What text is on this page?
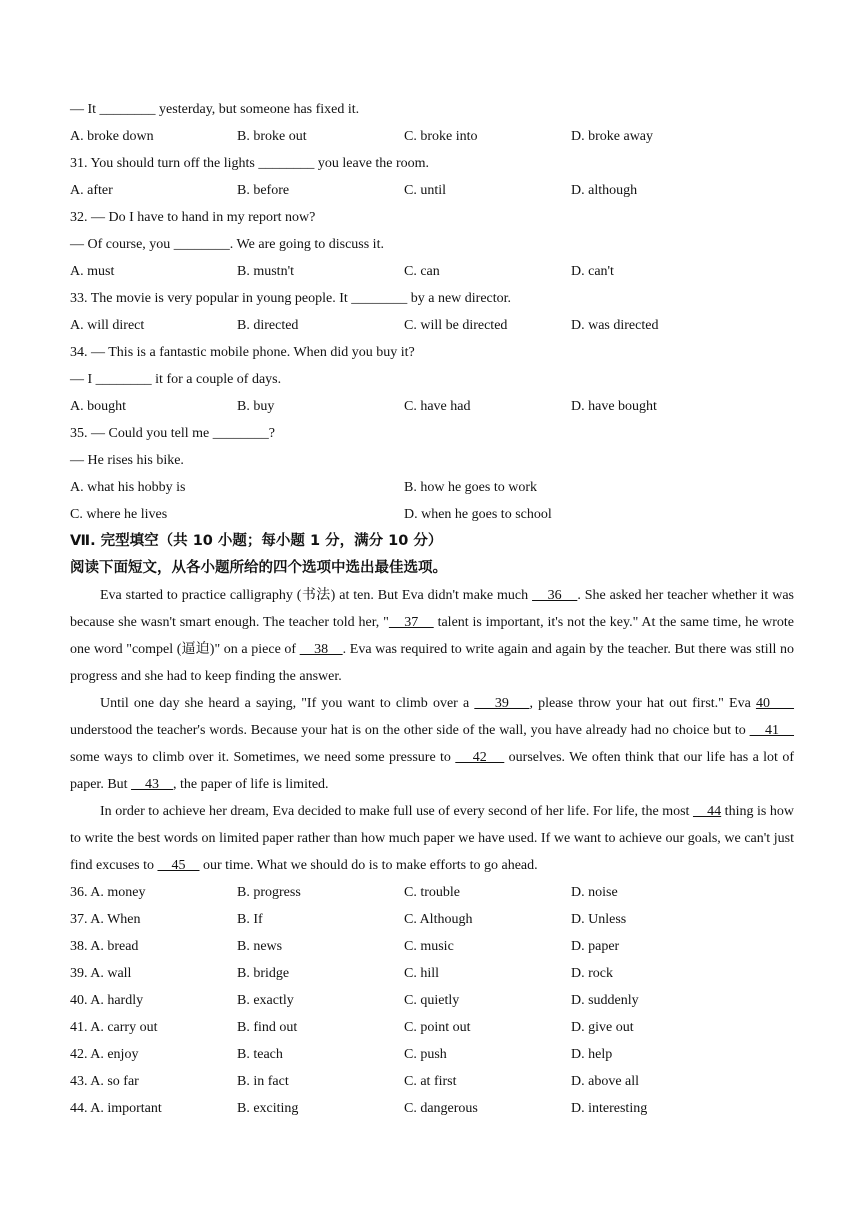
— It ________ yesterday, but someone has fixed it.
A. broke down	B. broke out	C. broke into	D. broke away
31. You should turn off the lights ________ you leave the room.
A. after	B. before	C. until	D. although
32. — Do I have to hand in my report now?
— Of course, you ________. We are going to discuss it.
A. must	B. mustn't	C. can	D. can't
33. The movie is very popular in young people. It ________ by a new director.
A. will direct	B. directed	C. will be directed	D. was directed
34. — This is a fantastic mobile phone. When did you buy it?
— I ________ it for a couple of days.
A. bought	B. buy	C. have had	D. have bought
35. — Could you tell me ________?
— He rises his bike.
A. what his hobby is	B. how he goes to work
C. where he lives	D. when he goes to school
Ⅶ. 完型填空（共 10 小题；每小题 1 分，满分 10 分）
阅读下面短文，从各小题所给的四个选项中选出最佳选项。
Eva started to practice calligraphy (书法) at ten. But Eva didn't make much     36    . She asked her teacher whether it was because she wasn't smart enough. The teacher told her, "    37     talent is important, it's not the key." At the same time, he wrote one word "compel (逼迫)" on a piece of     38    . Eva was required to write again and again by the teacher. But there was still no progress and she had to keep finding the answer.
Until one day she heard a saying, "If you want to climb over a     39    , please throw your hat out first." Eva 40      understood the teacher's words. Because your hat is on the other side of the wall, you have already had no choice but to     41     some ways to climb over it. Sometimes, we need some pressure to     42     ourselves. We often think that our life has a lot of paper. But     43    , the paper of life is limited.
In order to achieve her dream, Eva decided to make full use of every second of her life. For life, the most     44 thing is how to write the best words on limited paper rather than how much paper we have used. If we want to achieve our goals, we can't just find excuses to     45     our time. What we should do is to make efforts to go ahead.
36. A. money	B. progress	C. trouble	D. noise
37. A. When	B. If	C. Although	D. Unless
38. A. bread	B. news	C. music	D. paper
39. A. wall	B. bridge	C. hill	D. rock
40. A. hardly	B. exactly	C. quietly	D. suddenly
41. A. carry out	B. find out	C. point out	D. give out
42. A. enjoy	B. teach	C. push	D. help
43. A. so far	B. in fact	C. at first	D. above all
44. A. important	B. exciting	C. dangerous	D. interesting
